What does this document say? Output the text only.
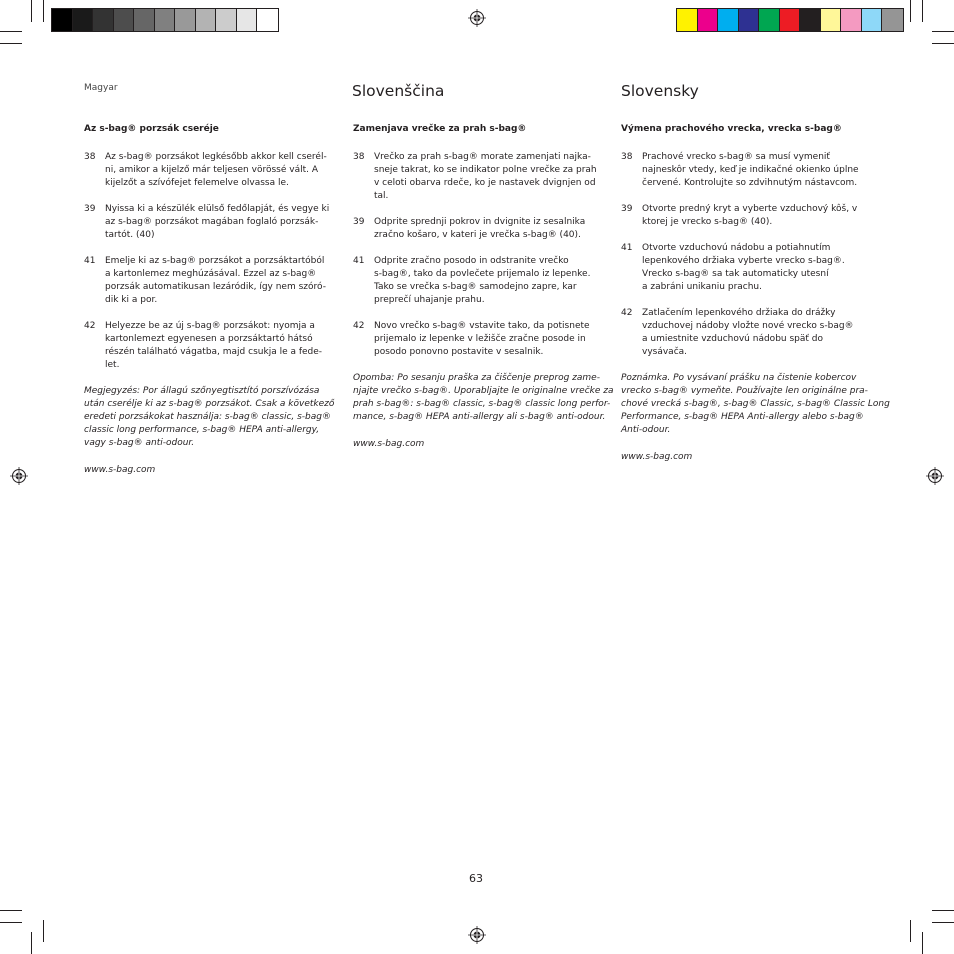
Magyar
Az s-bag® porzsák cseréje
38 Az s-bag® porzsákot legkésőbb akkor kell cserél-
ni, amikor a kijelző már teljesen vörössé vált. A
kijelzőt a szívófejet felemelve olvassa le.
39 Nyissa ki a készülék elülső fedőlapját, és vegye ki
az s-bag® porzsákot magában foglaló porzsák-
tartót. (40)
41 Emelje ki az s-bag® porzsákot a porzsáktartóból
a kartonlemez meghúzásával. Ezzel az s-bag®
porzsák automatikusan lezáródik, így nem szóró-
dik ki a por.
42 Helyezze be az új s-bag® porzsákot: nyomja a
kartonlemezt egyenesen a porzsáktartó hátsó
részén található vágatba, majd csukja le a fede-
let.
Megjegyzés: Por állagú szőnyegtisztító porszívózása
után cserélje ki az s-bag® porzsákot. Csak a következő
eredeti porzsákokat használja: s-bag® classic, s-bag®
classic long performance, s-bag® HEPA anti-allergy,
vagy s-bag® anti-odour.
www.s-bag.com
Slovenščina
Zamenjava vrečke za prah s-bag®
38 Vrečko za prah s-bag® morate zamenjati najka-
sneje takrat, ko se indikator polne vrečke za prah
v celoti obarva rdeče, ko je nastavek dvignjen od
tal.
39 Odprite sprednji pokrov in dvignite iz sesalnika
zračno košaro, v kateri je vrečka s-bag® (40).
41 Odprite zračno posodo in odstranite vrečko
s-bag®, tako da povlečete prijemalo iz lepenke.
Tako se vrečka s-bag® samodejno zapre, kar
preprečí uhajanje prahu.
42 Novo vrečko s-bag® vstavite tako, da potisnete
prijemalo iz lepenke v ležišče zračne posode in
posodo ponovno postavite v sesalnik.
Opomba: Po sesanju praška za čiščenje preprog zame-
njajte vrečko s-bag®. Uporabljajte le originalne vrečke za
prah s-bag®: s-bag® classic, s-bag® classic long perfor-
mance, s-bag® HEPA anti-allergy ali s-bag® anti-odour.
www.s-bag.com
Slovensky
Výmena prachového vrecka, vrecka s-bag®
38 Prachové vrecko s-bag® sa musí vymeniť
najneskôr vtedy, keď je indikačné okienko úplne
červené. Kontrolujte so zdvihnutým nástavcom.
39 Otvorte predný kryt a vyberte vzduchový kôš, v
ktorej je vrecko s-bag® (40).
41 Otvorte vzduchovú nádobu a potiahnutím
lepenkového držiaka vyberte vrecko s-bag®.
Vrecko s-bag® sa tak automaticky utesní
a zabráni unikaniu prachu.
42 Zatlačením lepenkového držiaka do drážky
vzduchovej nádoby vložte nové vrecko s-bag®
a umiestnite vzduchovú nádobu späť do
vysávača.
Poznámka. Po vysávaní prášku na čistenie kobercov
vrecko s-bag® vymeňte. Používajte len originálne pra-
chové vrecká s-bag®, s-bag® Classic, s-bag® Classic Long
Performance, s-bag® HEPA Anti-allergy alebo s-bag®
Anti-odour.
www.s-bag.com
63
